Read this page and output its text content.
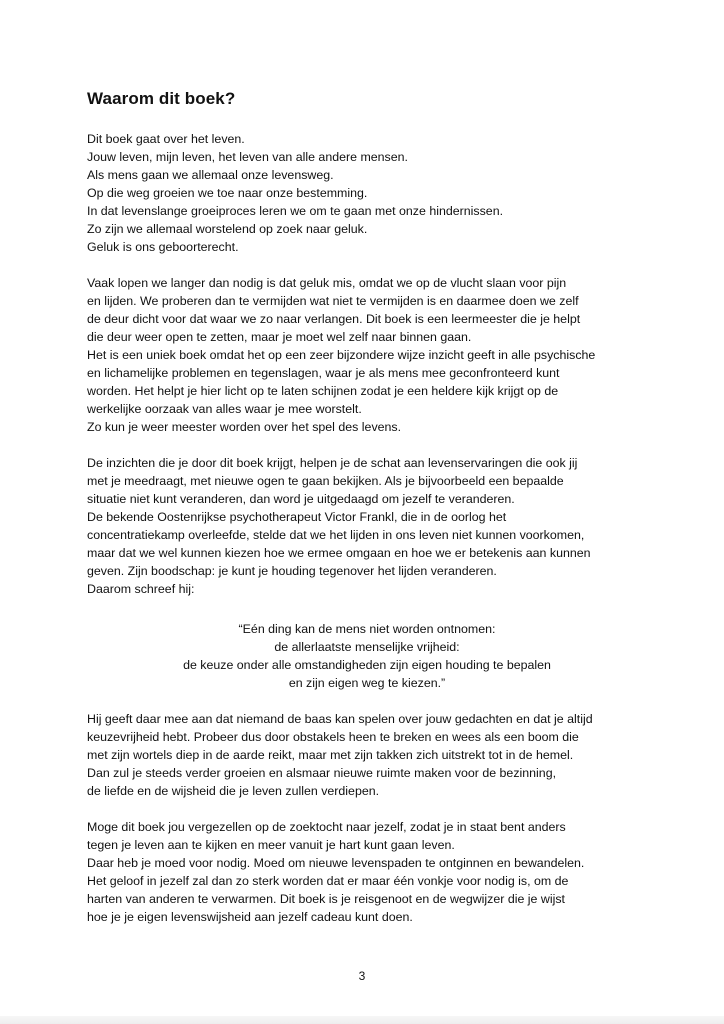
Waarom dit boek?
Dit boek gaat over het leven.
Jouw leven, mijn leven, het leven van alle andere mensen.
Als mens gaan we allemaal onze levensweg.
Op die weg groeien we toe naar onze bestemming.
In dat levenslange groeiproces leren we om te gaan met onze hindernissen.
Zo zijn we allemaal worstelend op zoek naar geluk.
Geluk is ons geboorterecht.
Vaak lopen we langer dan nodig is dat geluk mis, omdat we op de vlucht slaan voor pijn
en lijden. We proberen dan te vermijden wat niet te vermijden is en daarmee doen we zelf
de deur dicht voor dat waar we zo naar verlangen. Dit boek is een leermeester die je helpt
die deur weer open te zetten, maar je moet wel zelf naar binnen gaan.
Het is een uniek boek omdat het op een zeer bijzondere wijze inzicht geeft in alle psychische
en lichamelijke problemen en tegenslagen, waar je als mens mee geconfronteerd kunt
worden. Het helpt je hier licht op te laten schijnen zodat je een heldere kijk krijgt op de
werkelijke oorzaak van alles waar je mee worstelt.
Zo kun je weer meester worden over het spel des levens.
De inzichten die je door dit boek krijgt, helpen je de schat aan levenservaringen die ook jij
met je meedraagt, met nieuwe ogen te gaan bekijken. Als je bijvoorbeeld een bepaalde
situatie niet kunt veranderen, dan word je uitgedaagd om jezelf te veranderen.
De bekende Oostenrijkse psychotherapeut Victor Frankl, die in de oorlog het
concentratiekamp overleefde, stelde dat we het lijden in ons leven niet kunnen voorkomen,
maar dat we wel kunnen kiezen hoe we ermee omgaan en hoe we er betekenis aan kunnen
geven. Zijn boodschap: je kunt je houding tegenover het lijden veranderen.
Daarom schreef hij:
“Eén ding kan de mens niet worden ontnomen:
de allerlaatste menselijke vrijheid:
de keuze onder alle omstandigheden zijn eigen houding te bepalen
en zijn eigen weg te kiezen.”
Hij geeft daar mee aan dat niemand de baas kan spelen over jouw gedachten en dat je altijd
keuzevrijheid hebt. Probeer dus door obstakels heen te breken en wees als een boom die
met zijn wortels diep in de aarde reikt, maar met zijn takken zich uitstrekt tot in de hemel.
Dan zul je steeds verder groeien en alsmaar nieuwe ruimte maken voor de bezinning,
de liefde en de wijsheid die je leven zullen verdiepen.
Moge dit boek jou vergezellen op de zoektocht naar jezelf, zodat je in staat bent anders
tegen je leven aan te kijken en meer vanuit je hart kunt gaan leven.
Daar heb je moed voor nodig. Moed om nieuwe levenspaden te ontginnen en bewandelen.
Het geloof in jezelf zal dan zo sterk worden dat er maar één vonkje voor nodig is, om de
harten van anderen te verwarmen. Dit boek is je reisgenoot en de wegwijzer die je wijst
hoe je je eigen levenswijsheid aan jezelf cadeau kunt doen.
3
